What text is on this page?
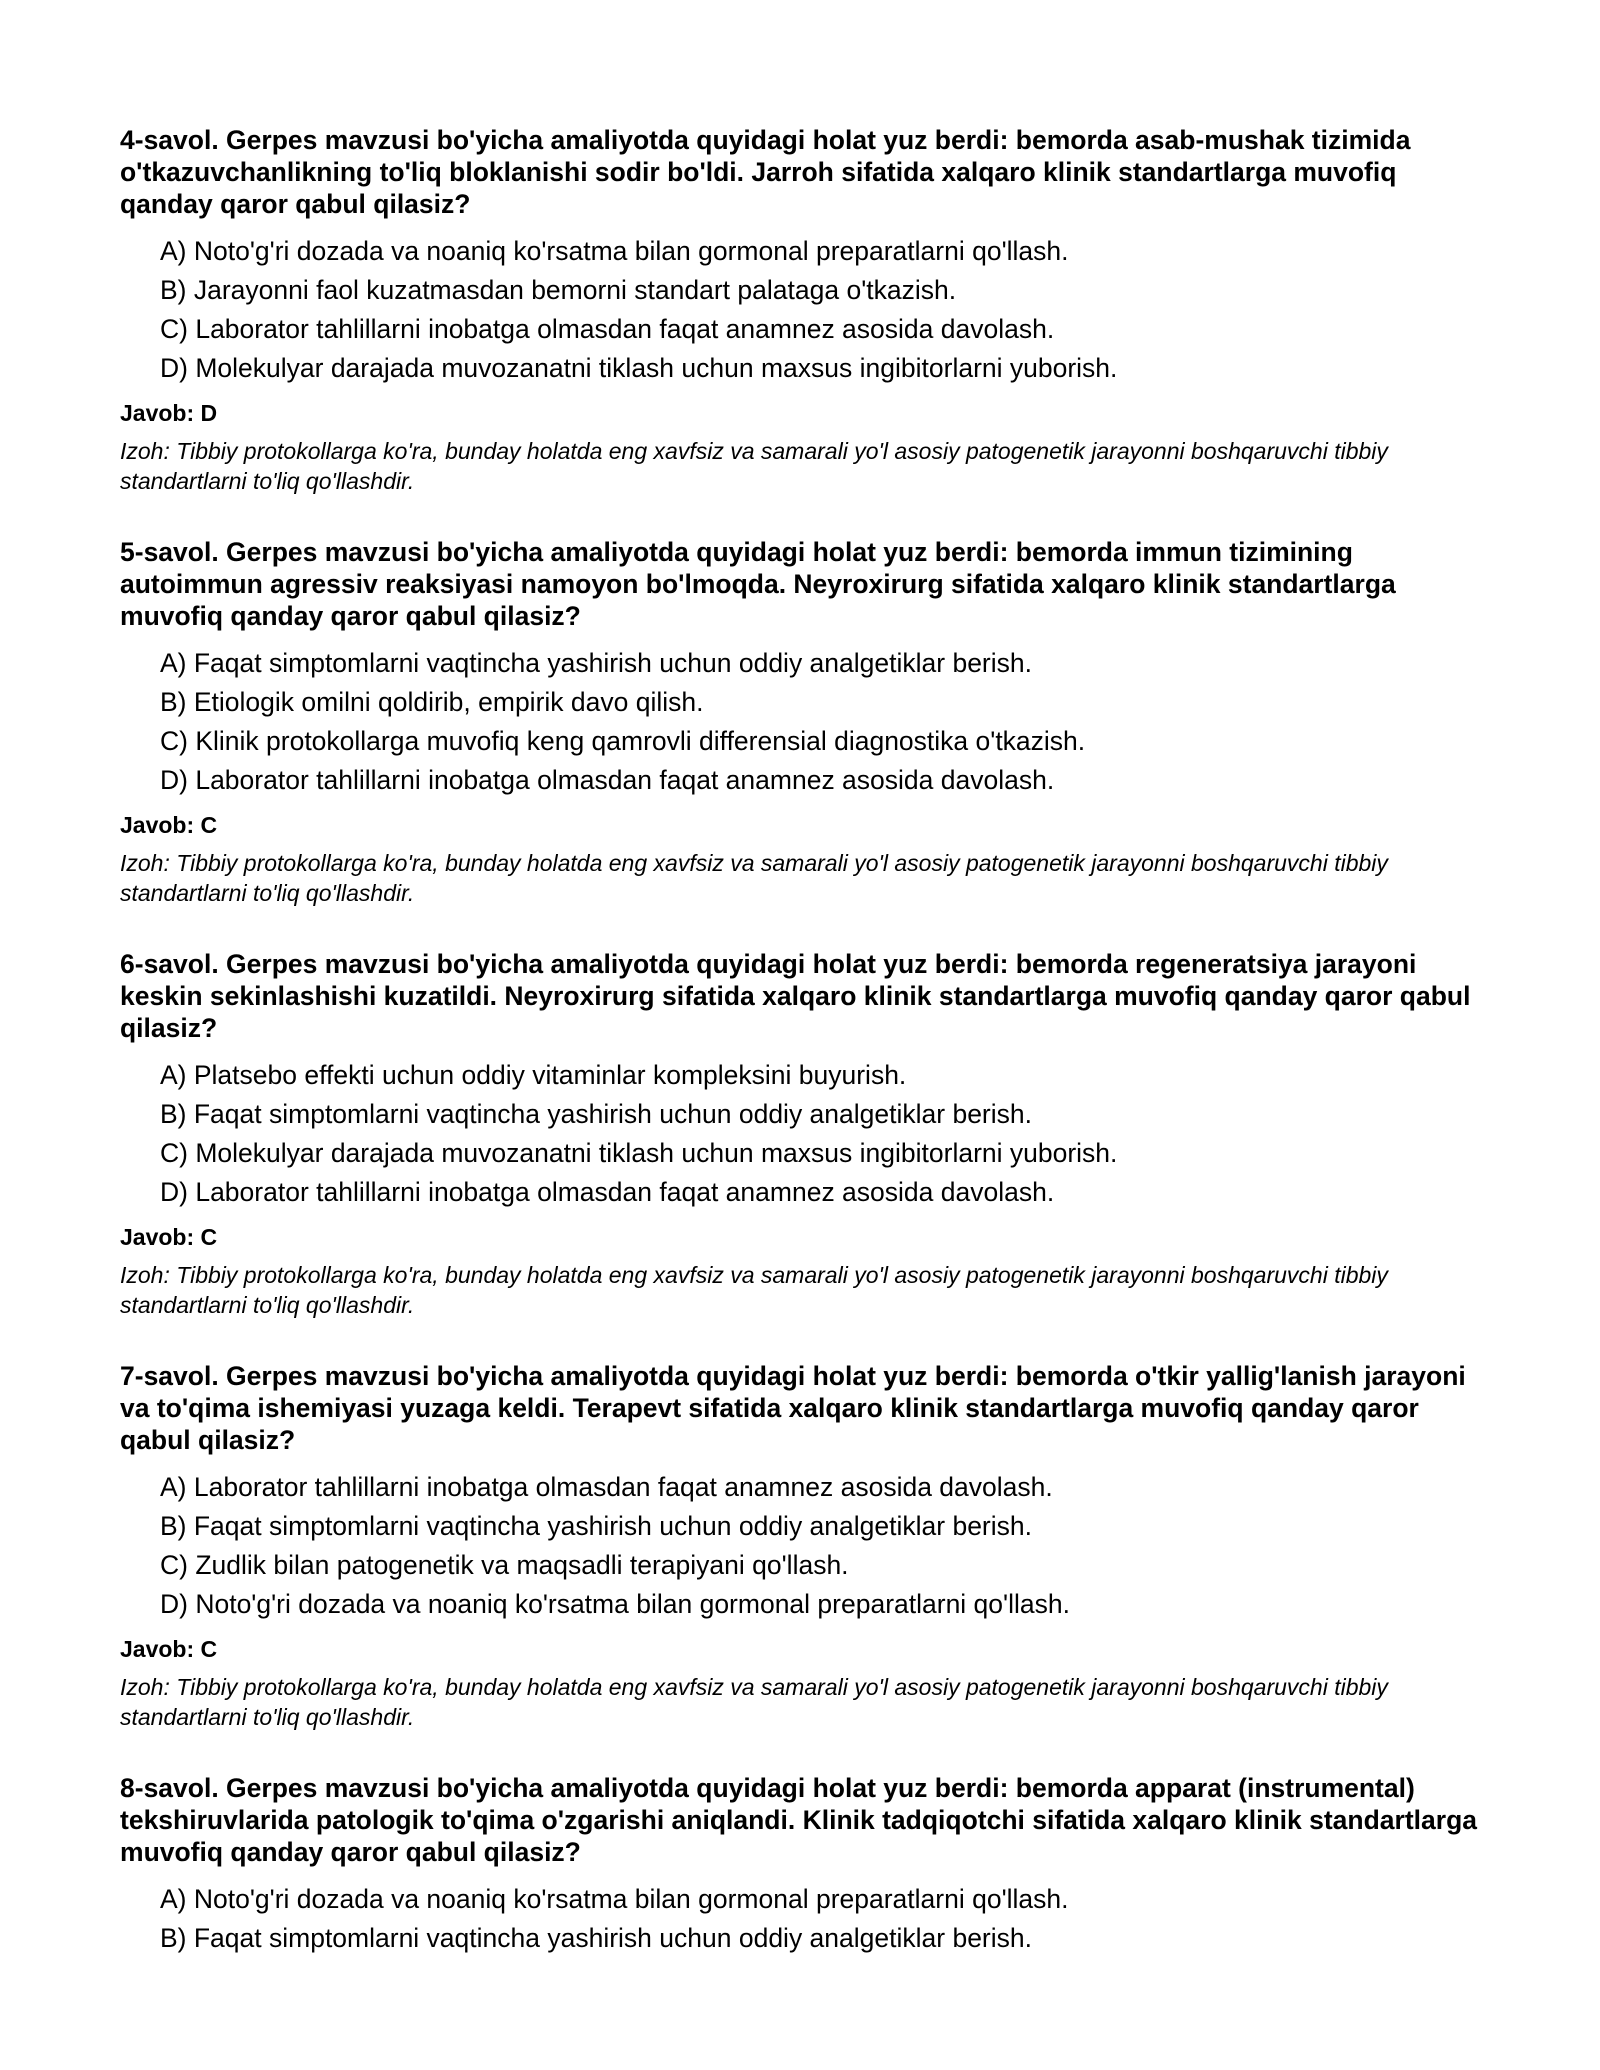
4-savol. Gerpes mavzusi bo'yicha amaliyotda quyidagi holat yuz berdi: bemorda asab-mushak tizimida o'tkazuvchanlikning to'liq bloklanishi sodir bo'ldi. Jarroh sifatida xalqaro klinik standartlarga muvofiq qanday qaror qabul qilasiz?

A) Noto'g'ri dozada va noaniq ko'rsatma bilan gormonal preparatlarni qo'llash.
B) Jarayonni faol kuzatmasdan bemorni standart palataga o'tkazish.
C) Laborator tahlillarni inobatga olmasdan faqat anamnez asosida davolash.
D) Molekulyar darajada muvozanatni tiklash uchun maxsus ingibitorlarni yuborish.
Javob: D

Izoh: Tibbiy protokollarga ko'ra, bunday holatda eng xavfsiz va samarali yo'l asosiy patogenetik jarayonni boshqaruvchi tibbiy standartlarni to'liq qo'llashdir.

5-savol. Gerpes mavzusi bo'yicha amaliyotda quyidagi holat yuz berdi: bemorda immun tizimining autoimmun agressiv reaksiyasi namoyon bo'lmoqda. Neyroxirurg sifatida xalqaro klinik standartlarga muvofiq qanday qaror qabul qilasiz?

A) Faqat simptomlarni vaqtincha yashirish uchun oddiy analgetiklar berish.
B) Etiologik omilni qoldirib, empirik davo qilish.
C) Klinik protokollarga muvofiq keng qamrovli differensial diagnostika o'tkazish.
D) Laborator tahlillarni inobatga olmasdan faqat anamnez asosida davolash.
Javob: C

Izoh: Tibbiy protokollarga ko'ra, bunday holatda eng xavfsiz va samarali yo'l asosiy patogenetik jarayonni boshqaruvchi tibbiy standartlarni to'liq qo'llashdir.

6-savol. Gerpes mavzusi bo'yicha amaliyotda quyidagi holat yuz berdi: bemorda regeneratsiya jarayoni keskin sekinlashishi kuzatildi. Neyroxirurg sifatida xalqaro klinik standartlarga muvofiq qanday qaror qabul qilasiz?

A) Platsebo effekti uchun oddiy vitaminlar kompleksini buyurish.
B) Faqat simptomlarni vaqtincha yashirish uchun oddiy analgetiklar berish.
C) Molekulyar darajada muvozanatni tiklash uchun maxsus ingibitorlarni yuborish.
D) Laborator tahlillarni inobatga olmasdan faqat anamnez asosida davolash.
Javob: C

Izoh: Tibbiy protokollarga ko'ra, bunday holatda eng xavfsiz va samarali yo'l asosiy patogenetik jarayonni boshqaruvchi tibbiy standartlarni to'liq qo'llashdir.

7-savol. Gerpes mavzusi bo'yicha amaliyotda quyidagi holat yuz berdi: bemorda o'tkir yallig'lanish jarayoni va to'qima ishemiyasi yuzaga keldi. Terapevt sifatida xalqaro klinik standartlarga muvofiq qanday qaror qabul qilasiz?

A) Laborator tahlillarni inobatga olmasdan faqat anamnez asosida davolash.
B) Faqat simptomlarni vaqtincha yashirish uchun oddiy analgetiklar berish.
C) Zudlik bilan patogenetik va maqsadli terapiyani qo'llash.
D) Noto'g'ri dozada va noaniq ko'rsatma bilan gormonal preparatlarni qo'llash.
Javob: C

Izoh: Tibbiy protokollarga ko'ra, bunday holatda eng xavfsiz va samarali yo'l asosiy patogenetik jarayonni boshqaruvchi tibbiy standartlarni to'liq qo'llashdir.

8-savol. Gerpes mavzusi bo'yicha amaliyotda quyidagi holat yuz berdi: bemorda apparat (instrumental) tekshiruvlarida patologik to'qima o'zgarishi aniqlandi. Klinik tadqiqotchi sifatida xalqaro klinik standartlarga muvofiq qanday qaror qabul qilasiz?

A) Noto'g'ri dozada va noaniq ko'rsatma bilan gormonal preparatlarni qo'llash.
B) Faqat simptomlarni vaqtincha yashirish uchun oddiy analgetiklar berish.
